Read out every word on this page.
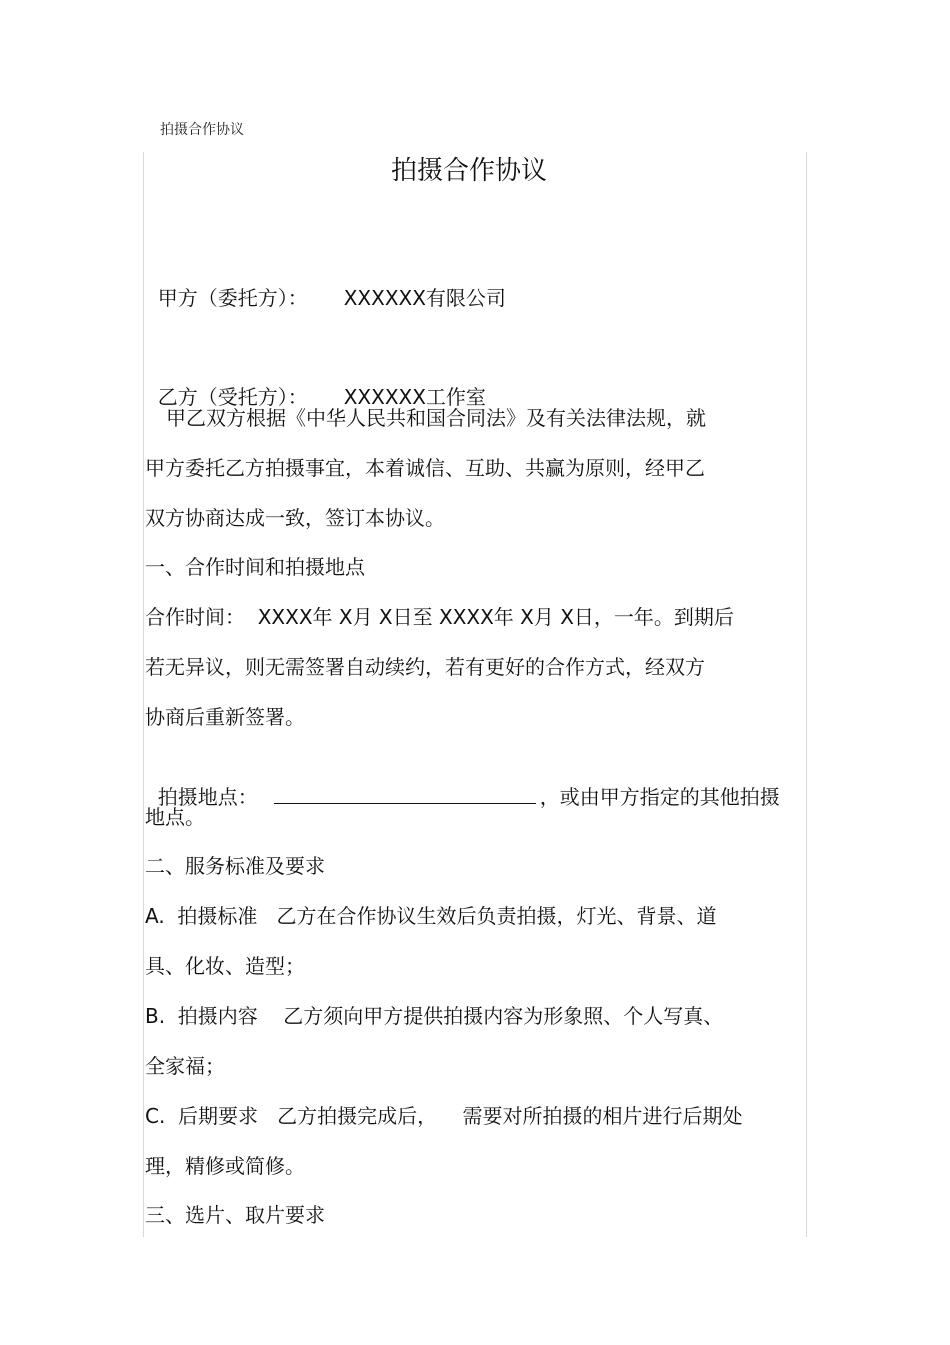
拍摄合作协议
拍摄合作协议

甲方（委托方）： XXXXXX有限公司

乙方（受托方）： XXXXXX工作室

甲乙双方根据《中华人民共和国合同法》及有关法律法规，就
甲方委托乙方拍摄事宜，本着诚信、互助、共赢为原则，经甲乙
双方协商达成一致，签订本协议。
一、合作时间和拍摄地点
合作时间：  XXXX年 X月 X日至 XXXX年 X月 X日，一年。到期后
若无异议，则无需签署自动续约，若有更好的合作方式，经双方
协商后重新签署。

拍摄地点：	，或由甲方指定的其他拍摄

地点。
二、服务标准及要求
A.  拍摄标准   乙方在合作协议生效后负责拍摄，灯光、背景、道
具、化妆、造型；
B.  拍摄内容    乙方须向甲方提供拍摄内容为形象照、个人写真、
全家福；
C.  后期要求   乙方拍摄完成后，    需要对所拍摄的相片进行后期处
理，精修或简修。
三、选片、取片要求
